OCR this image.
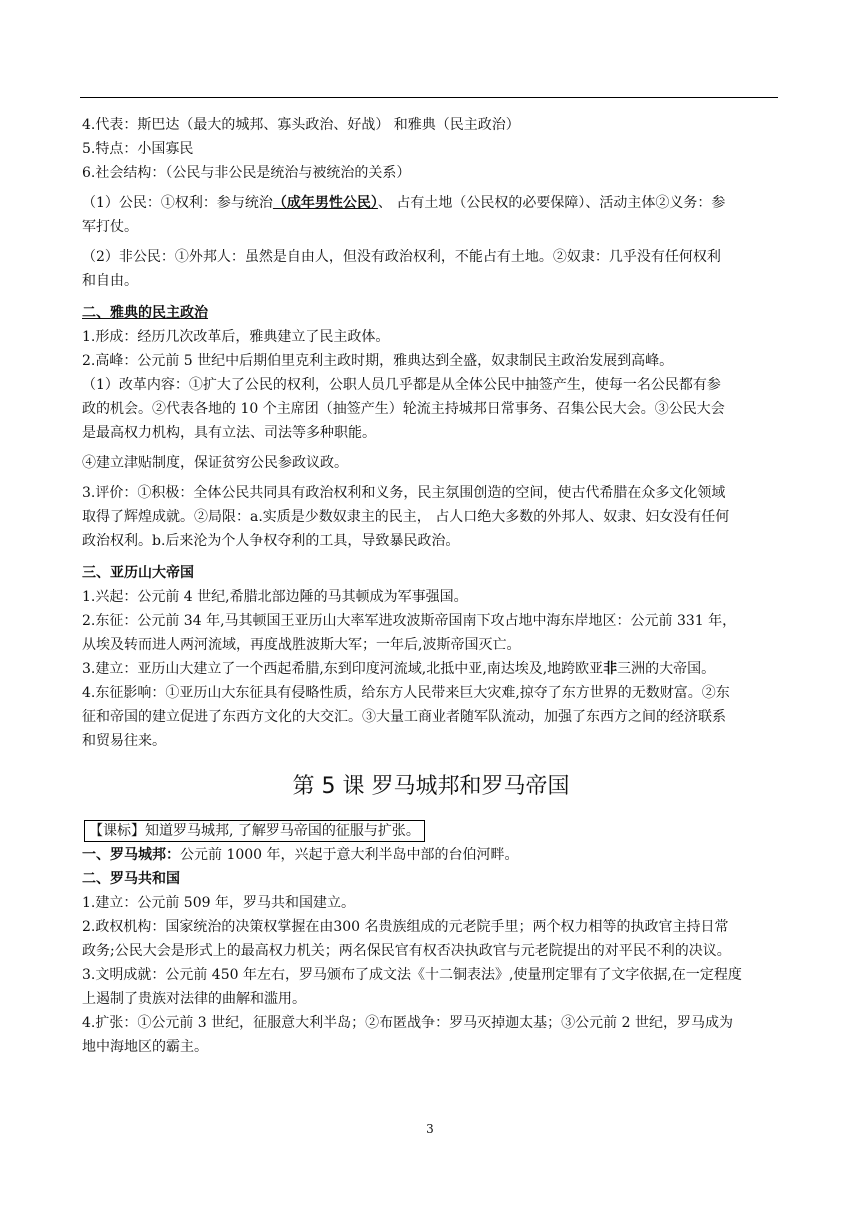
4.代表：斯巴达（最大的城邦、寡头政治、好战） 和雅典（民主政治）
5.特点：小国寡民
6.社会结构：（公民与非公民是统治与被统治的关系）
（1）公民：①权利：参与统治（成年男性公民）、 占有土地（公民权的必要保障）、活动主体②义务：参
军打仗。
（2）非公民：①外邦人：虽然是自由人，但没有政治权利，不能占有土地。②奴隶：几乎没有任何权利
和自由。
二、雅典的民主政治
1.形成：经历几次改革后，雅典建立了民主政体。
2.高峰：公元前 5 世纪中后期伯里克利主政时期，雅典达到全盛，奴隶制民主政治发展到高峰。
（1）改革内容：①扩大了公民的权利，公职人员几乎都是从全体公民中抽签产生，使每一名公民都有参
政的机会。②代表各地的 10 个主席团（抽签产生）轮流主持城邦日常事务、召集公民大会。③公民大会
是最高权力机构，具有立法、司法等多种职能。
④建立津贴制度，保证贫穷公民参政议政。
3.评价：①积极：全体公民共同具有政治权利和义务，民主氛围创造的空间，使古代希腊在众多文化领域
取得了辉煌成就。②局限：a.实质是少数奴隶主的民主， 占人口绝大多数的外邦人、奴隶、妇女没有任何
政治权利。b.后来沦为个人争权夺利的工具，导致暴民政治。
三、亚历山大帝国
1.兴起：公元前 4 世纪,希腊北部边陲的马其顿成为军事强国。
2.东征：公元前 34 年,马其顿国王亚历山大率军进攻波斯帝国南下攻占地中海东岸地区：公元前 331 年，
从埃及转而进人两河流域，再度战胜波斯大军；一年后,波斯帝国灭亡。
3.建立：亚历山大建立了一个西起希腊,东到印度河流域,北抵中亚,南达埃及,地跨欧亚非三洲的大帝国。
4.东征影响：①亚历山大东征具有侵略性质，给东方人民带来巨大灾难,掠夺了东方世界的无数财富。②东
征和帝国的建立促进了东西方文化的大交汇。③大量工商业者随军队流动，加强了东西方之间的经济联系
和贸易往来。
第 5 课 罗马城邦和罗马帝国
【课标】知道罗马城邦, 了解罗马帝国的征服与扩张。
一、罗马城邦：公元前 1000 年，兴起于意大利半岛中部的台伯河畔。
二、罗马共和国
1.建立：公元前 509 年，罗马共和国建立。
2.政权机构：国家统治的决策权掌握在由300 名贵族组成的元老院手里；两个权力相等的执政官主持日常
政务;公民大会是形式上的最高权力机关；两名保民官有权否决执政官与元老院提出的对平民不利的决议。
3.文明成就：公元前 450 年左右，罗马颁布了成文法《十二铜表法》,使量刑定罪有了文字依据,在一定程度
上遏制了贵族对法律的曲解和滥用。
4.扩张：①公元前 3 世纪，征服意大利半岛；②布匿战争：罗马灭掉迦太基；③公元前 2 世纪，罗马成为
地中海地区的霸主。
3
